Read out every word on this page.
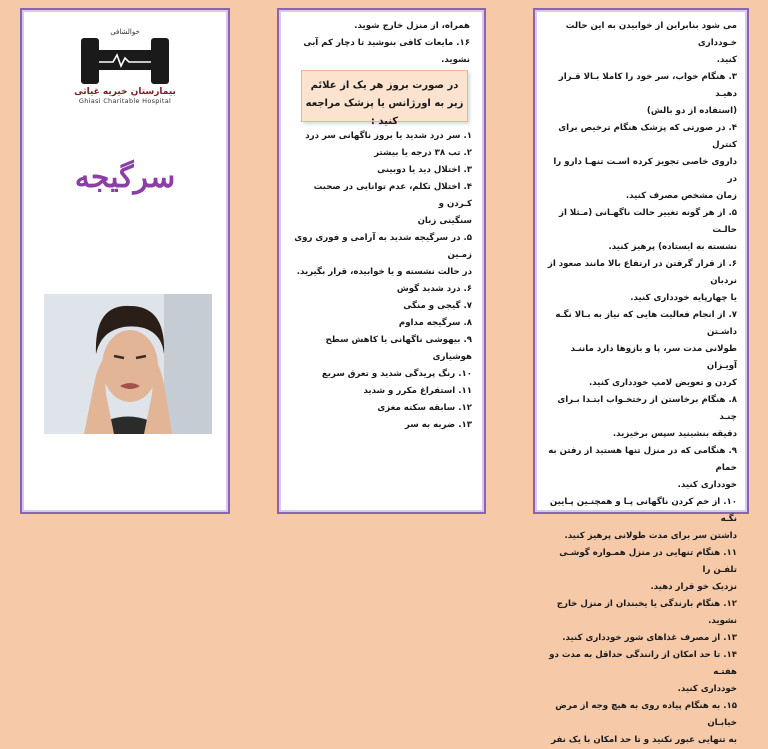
خوالشافی
بیمارستان خیریه غیاثی
Ghiasi Charitable Hospital
سرگیجه

همراه، از منزل خارج شوید.

۱۶. مایعات کافی بنوشید تا دچار کم آبی نشوید.

در صورت بروز هر یک از علائم زیر به اورژانس یا پزشک مراجعه کنید :

۱. سر درد شدید یا بروز ناگهانی سر درد

۲. تب ۳۸ درجه یا بیشتر

۳. اختلال دید یا دوبینی

۴. اختلال تکلم، عدم توانایی در صحبت کـردن و

سنگینی زبان

۵. در سرگیجه شدید به آرامی و فوری روی زمـین

در حالت نشسته و یا خوابیده، قرار بگیرید.

۶. درد شدید گوش

۷. گیجی و منگی

۸. سرگیجه مداوم

۹. بیهوشی ناگهانی یا کاهش سطح هوشیاری

۱۰. رنگ پریدگی شدید و تعرق سریع

۱۱. استفراغ مکرر و شدید

۱۲. سابقه سکته مغزی

۱۳. ضربه به سر

می شود بنابراین از خوابیدن به این حالت خـودداری

کنید.

۳. هنگام خواب، سر خود را کاملا بـالا قـرار دهیـد

(استفاده از دو بالش)

۴. در صورتی که پزشک هنگام ترخیص برای کنترل

داروی خاصی تجویز کرده اسـت تنهـا دارو را در

زمان مشخص مصرف کنید.

۵. از هر گونه تغییر حالت ناگهـانی (مـثلا از حالـت

نشسته به ایستاده) پرهیز کنید.

۶. از قرار گرفتن در ارتفاع بالا مانند صعود از نردبان

یا چهارپایه خودداری کنید.

۷. از انجام فعالیت هایی که نیاز به بـالا نگـه داشـتن

طولانی مدت سر، پا و بازوها دارد ماننـد آویـزان

کردن و تعویض لامپ خودداری کنید.

۸. هنگام برخاستن از رختخـواب ابتـدا بـرای چنـد

دقیقه بنشینید سپس برخیزید.

۹. هنگامی که در منزل تنها هستید از رفتن به حمام

خودداری کنید.

۱۰. از خم کردن ناگهانی پـا و همچنـین پـایین نگـه

داشتن سر برای مدت طولانی پرهیز کنید.

۱۱. هنگام تنهایی در منزل همـواره گوشـی تلفـن را

نزدیک خو قرار دهید.

۱۲. هنگام بارندگی یا یخبندان از منزل خارج نشوید.

۱۳. از مصرف غذاهای شور خودداری کنید.

۱۴. تا حد امکان از رانندگی حداقل به مدت دو هفتـه

خودداری کنید.

۱۵. به هنگام پیاده روی به هیچ وجه از مرض خیابـان

به تنهایی عبور نکنید و تا حد امکان با یک نفر
